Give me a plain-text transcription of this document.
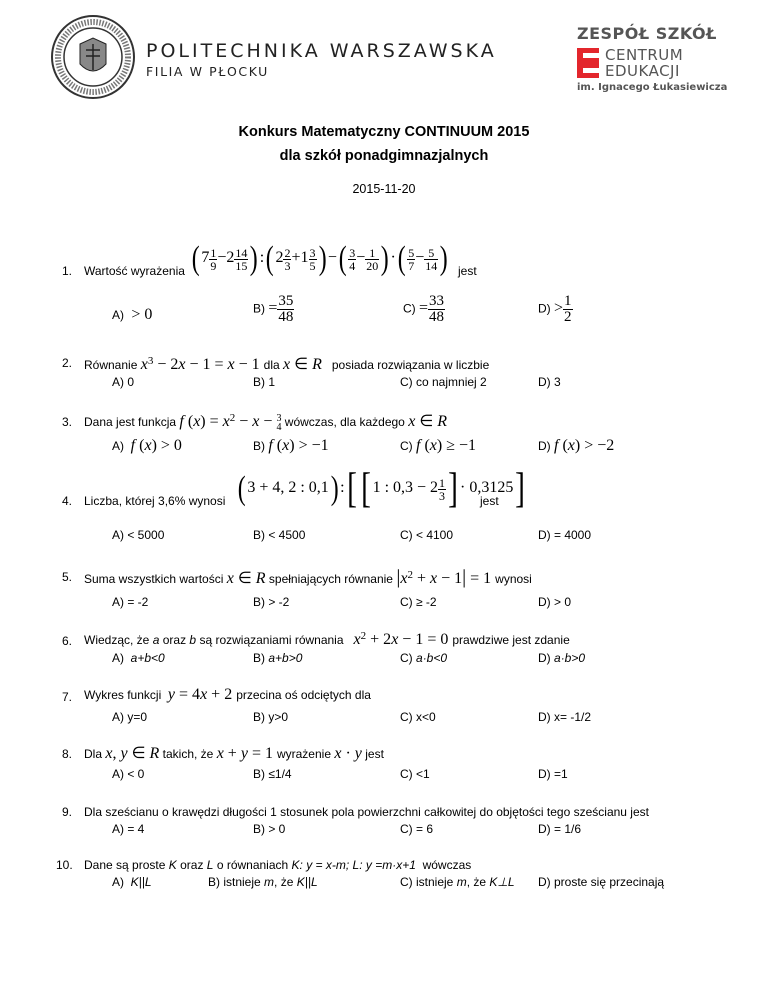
POLITECHNIKA WARSZAWSKA
FILIA W PŁOCKU
ZESPÓŁ SZKÓŁ
CENTRUM
EDUKACJI
im. Ignacego Łukasiewicza
Konkurs Matematyczny CONTINUUM 2015
dla szkół ponadgimnazjalnych
2015-11-20
1. Wartość wyrażenia ( $7 \frac{1}{9} -2 \frac{14}{15}$ ) :( $2 \frac{2}{3} +1 \frac{3}{5}$ ) −( $\frac{3}{4} - \frac{1}{20}$ ) ·( $\frac{5}{7} - \frac{5}{14}$ ) jest
A)  > 0	$B) = \frac{35}{48}$	$C) = \frac{33}{48}$	$D) > \frac{1}{2}$
2. Równanie x3 − 2x − 1 = x − 1 dla x ∈ R posiada rozwiązania w liczbie
A) 0	B) 1	C) co najmniej 2	D) 3
3. Dana jest funkcja f (x) = x2 − x − 3
4 wówczas, dla każdego x ∈ R
A) f (x) > 0	B) f (x) > −1	C) f (x) ≥ −1	D) f (x) > −2
4. Liczba, której 3,6% wynosi ( 3 + 4, 2 : 0,1) :[ [ 1 : $0,3 - 2 \frac{1}{3}$ ] · 0,3125]
jest
A) < 5000	B) < 4500	C) < 4100	D) = 4000
5. Suma wszystkich wartości x ∈ R spełniających równanie |x2 + x − 1| = 1 wynosi
A) = -2	B) > -2	C) ≥ -2	D) > 0
6. Wiedząc, że a oraz b są rozwiązaniami równania x2 + 2x − 1 = 0 prawdziwe jest zdanie
A) a+b<0	B) a+b>0	C) a·b<0	D) a·b>0
7. Wykres funkcji y = 4x + 2 przecina oś odciętych dla
A) y=0	B) y>0	C) x<0	D) x= -1/2
8. Dla x, y ∈ R takich, że x + y = 1 wyrażenie x · y jest
A) < 0	B) ≤1/4	C) <1	D) =1
9. Dla sześcianu o krawędzi długości 1 stosunek pola powierzchni całkowitej do objętości tego sześcianu jest
A) = 4	B) > 0	C) = 6	D) = 1/6
10. Dane są proste K oraz L o równaniach K: y = x-m; L: y =m·x+1 wówczas
A) K||L	B) istnieje m, że K||L	C) istnieje m, że K⊥L D) proste się przecinają
